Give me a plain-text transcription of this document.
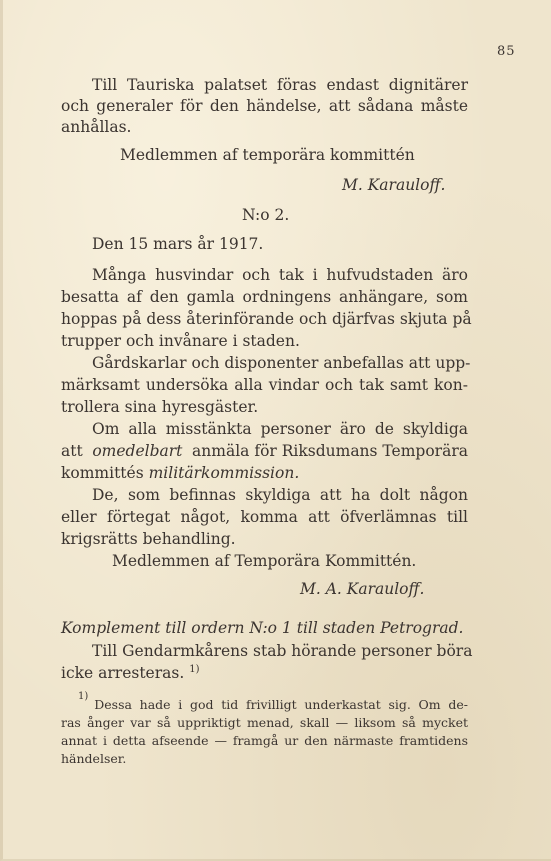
85
Till Tauriska palatset föras endast dignitärer
och generaler för den händelse, att sådana måste
anhållas.
Medlemmen af temporära kommittén
M. Karauloff.
N:o 2.
Den 15 mars år 1917.
Många husvindar och tak i hufvudstaden äro
besatta af den gamla ordningens anhängare, som
hoppas på dess återinförande och djärfvas skjuta på
trupper och invånare i staden.
Gårdskarlar och disponenter anbefallas att upp-
märksamt undersöka alla vindar och tak samt kon-
trollera sina hyresgäster.
Om alla misstänkta personer äro de skyldiga
att omedelbart anmäla för Riksdumans Temporära
kommittés militärkommission.
De, som befinnas skyldiga att ha dolt någon
eller förtegat något, komma att öfverlämnas till
krigsrätts behandling.
Medlemmen af Temporära Kommittén.
M. A. Karauloff.
Komplement till ordern N:o 1 till staden Petrograd.
Till Gendarmkårens stab hörande personer böra
icke arresteras. $^{1)}$
1)
Dessa hade i god tid frivilligt underkastat sig. Om de-
ras ånger var så uppriktigt menad, skall — liksom så mycket
annat i detta afseende — framgå ur den närmaste framtidens
händelser.
